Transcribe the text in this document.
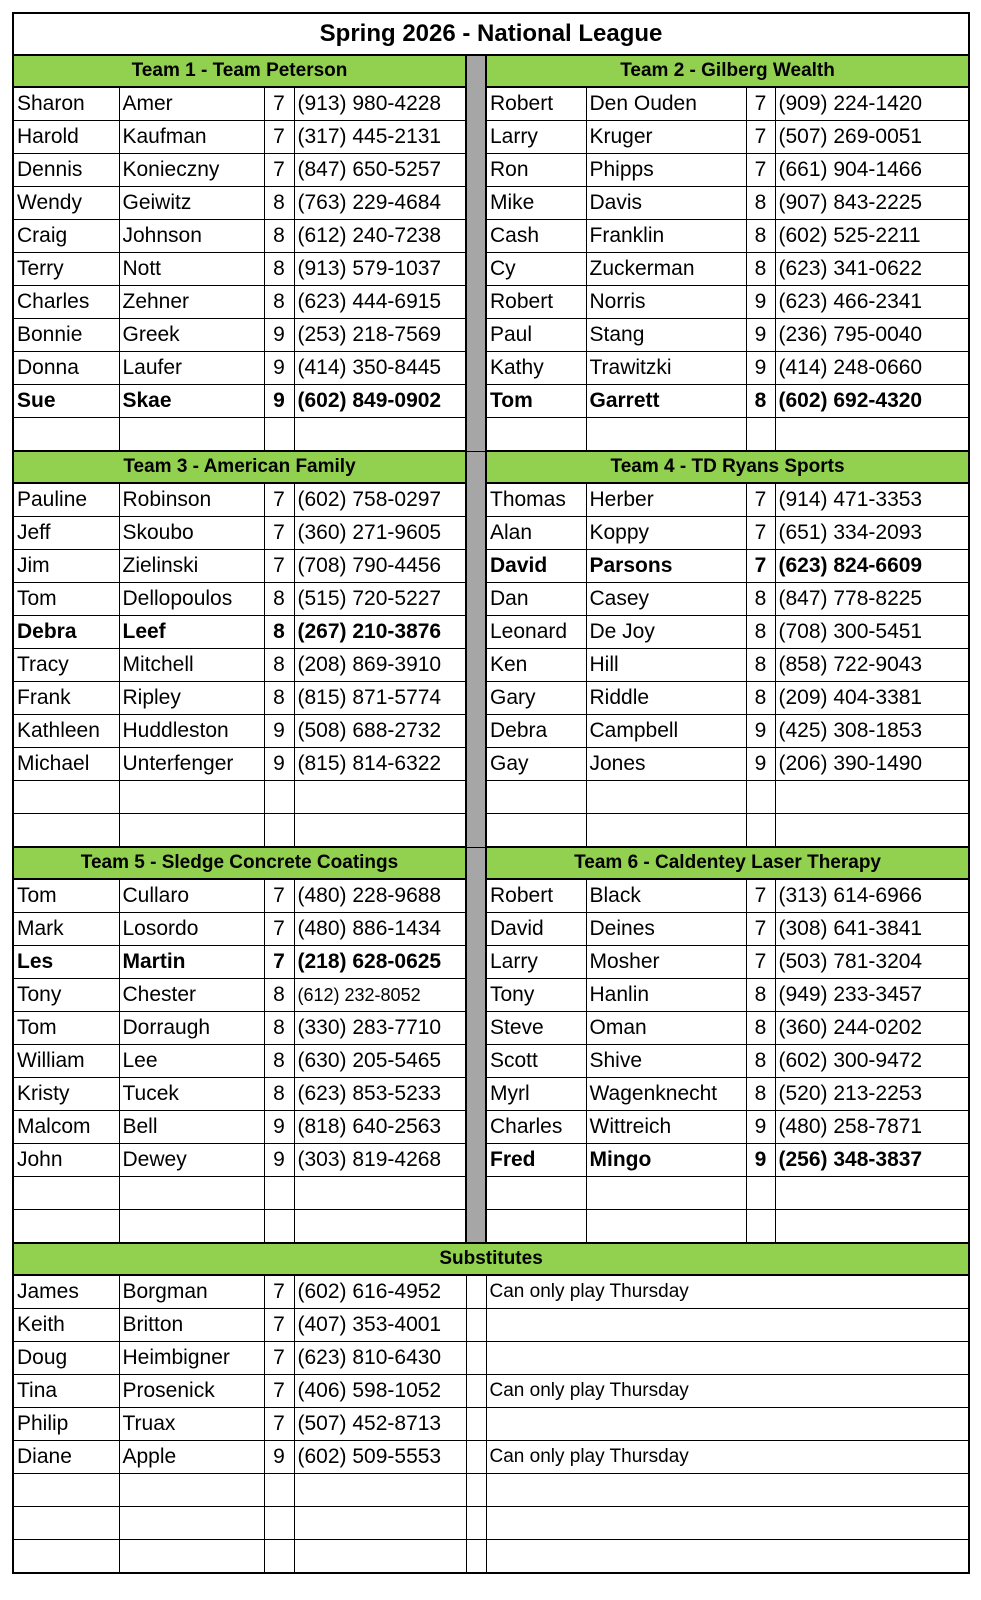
Spring 2026 - National League								
Team 1 - Team Peterson					Team 2 - Gilberg Wealth			
Sharon	Amer	7	(913) 980-4228		Robert	Den Ouden	7	(909) 224-1420
Harold	Kaufman	7	(317) 445-2131		Larry	Kruger	7	(507) 269-0051
Dennis	Konieczny	7	(847) 650-5257		Ron	Phipps	7	(661) 904-1466
Wendy	Geiwitz	8	(763) 229-4684		Mike	Davis	8	(907) 843-2225
Craig	Johnson	8	(612) 240-7238		Cash	Franklin	8	(602) 525-2211
Terry	Nott	8	(913) 579-1037		Cy	Zuckerman	8	(623) 341-0622
Charles	Zehner	8	(623) 444-6915		Robert	Norris	9	(623) 466-2341
Bonnie	Greek	9	(253) 218-7569		Paul	Stang	9	(236) 795-0040
Donna	Laufer	9	(414) 350-8445		Kathy	Trawitzki	9	(414) 248-0660
Sue	Skae	9	(602) 849-0902		Tom	Garrett	8	(602) 692-4320

Team 3 - American Family					Team 4 - TD Ryans Sports			
Pauline	Robinson	7	(602) 758-0297		Thomas	Herber	7	(914) 471-3353
Jeff	Skoubo	7	(360) 271-9605		Alan	Koppy	7	(651) 334-2093
Jim	Zielinski	7	(708) 790-4456		David	Parsons	7	(623) 824-6609
Tom	Dellopoulos	8	(515) 720-5227		Dan	Casey	8	(847) 778-8225
Debra	Leef	8	(267) 210-3876		Leonard	De Joy	8	(708) 300-5451
Tracy	Mitchell	8	(208) 869-3910		Ken	Hill	8	(858) 722-9043
Frank	Ripley	8	(815) 871-5774		Gary	Riddle	8	(209) 404-3381
Kathleen	Huddleston	9	(508) 688-2732		Debra	Campbell	9	(425) 308-1853
Michael	Unterfenger	9	(815) 814-6322		Gay	Jones	9	(206) 390-1490

Team 5 - Sledge Concrete Coatings					Team 6 - Caldentey Laser Therapy			
Tom	Cullaro	7	(480) 228-9688		Robert	Black	7	(313) 614-6966
Mark	Losordo	7	(480) 886-1434		David	Deines	7	(308) 641-3841
Les	Martin	7	(218) 628-0625		Larry	Mosher	7	(503) 781-3204
Tony	Chester	8	(612) 232-8052		Tony	Hanlin	8	(949) 233-3457
Tom	Dorraugh	8	(330) 283-7710		Steve	Oman	8	(360) 244-0202
William	Lee	8	(630) 205-5465		Scott	Shive	8	(602) 300-9472
Kristy	Tucek	8	(623) 853-5233		Myrl	Wagenknecht	8	(520) 213-2253
Malcom	Bell	9	(818) 640-2563		Charles	Wittreich	9	(480) 258-7871
John	Dewey	9	(303) 819-4268		Fred	Mingo	9	(256) 348-3837

Substitutes								
James	Borgman	7	(602) 616-4952		Can only play Thursday			
Keith	Britton	7	(407) 353-4001					
Doug	Heimbigner	7	(623) 810-6430					
Tina	Prosenick	7	(406) 598-1052		Can only play Thursday			
Philip	Truax	7	(507) 452-8713					
Diane	Apple	9	(602) 509-5553		Can only play Thursday			
